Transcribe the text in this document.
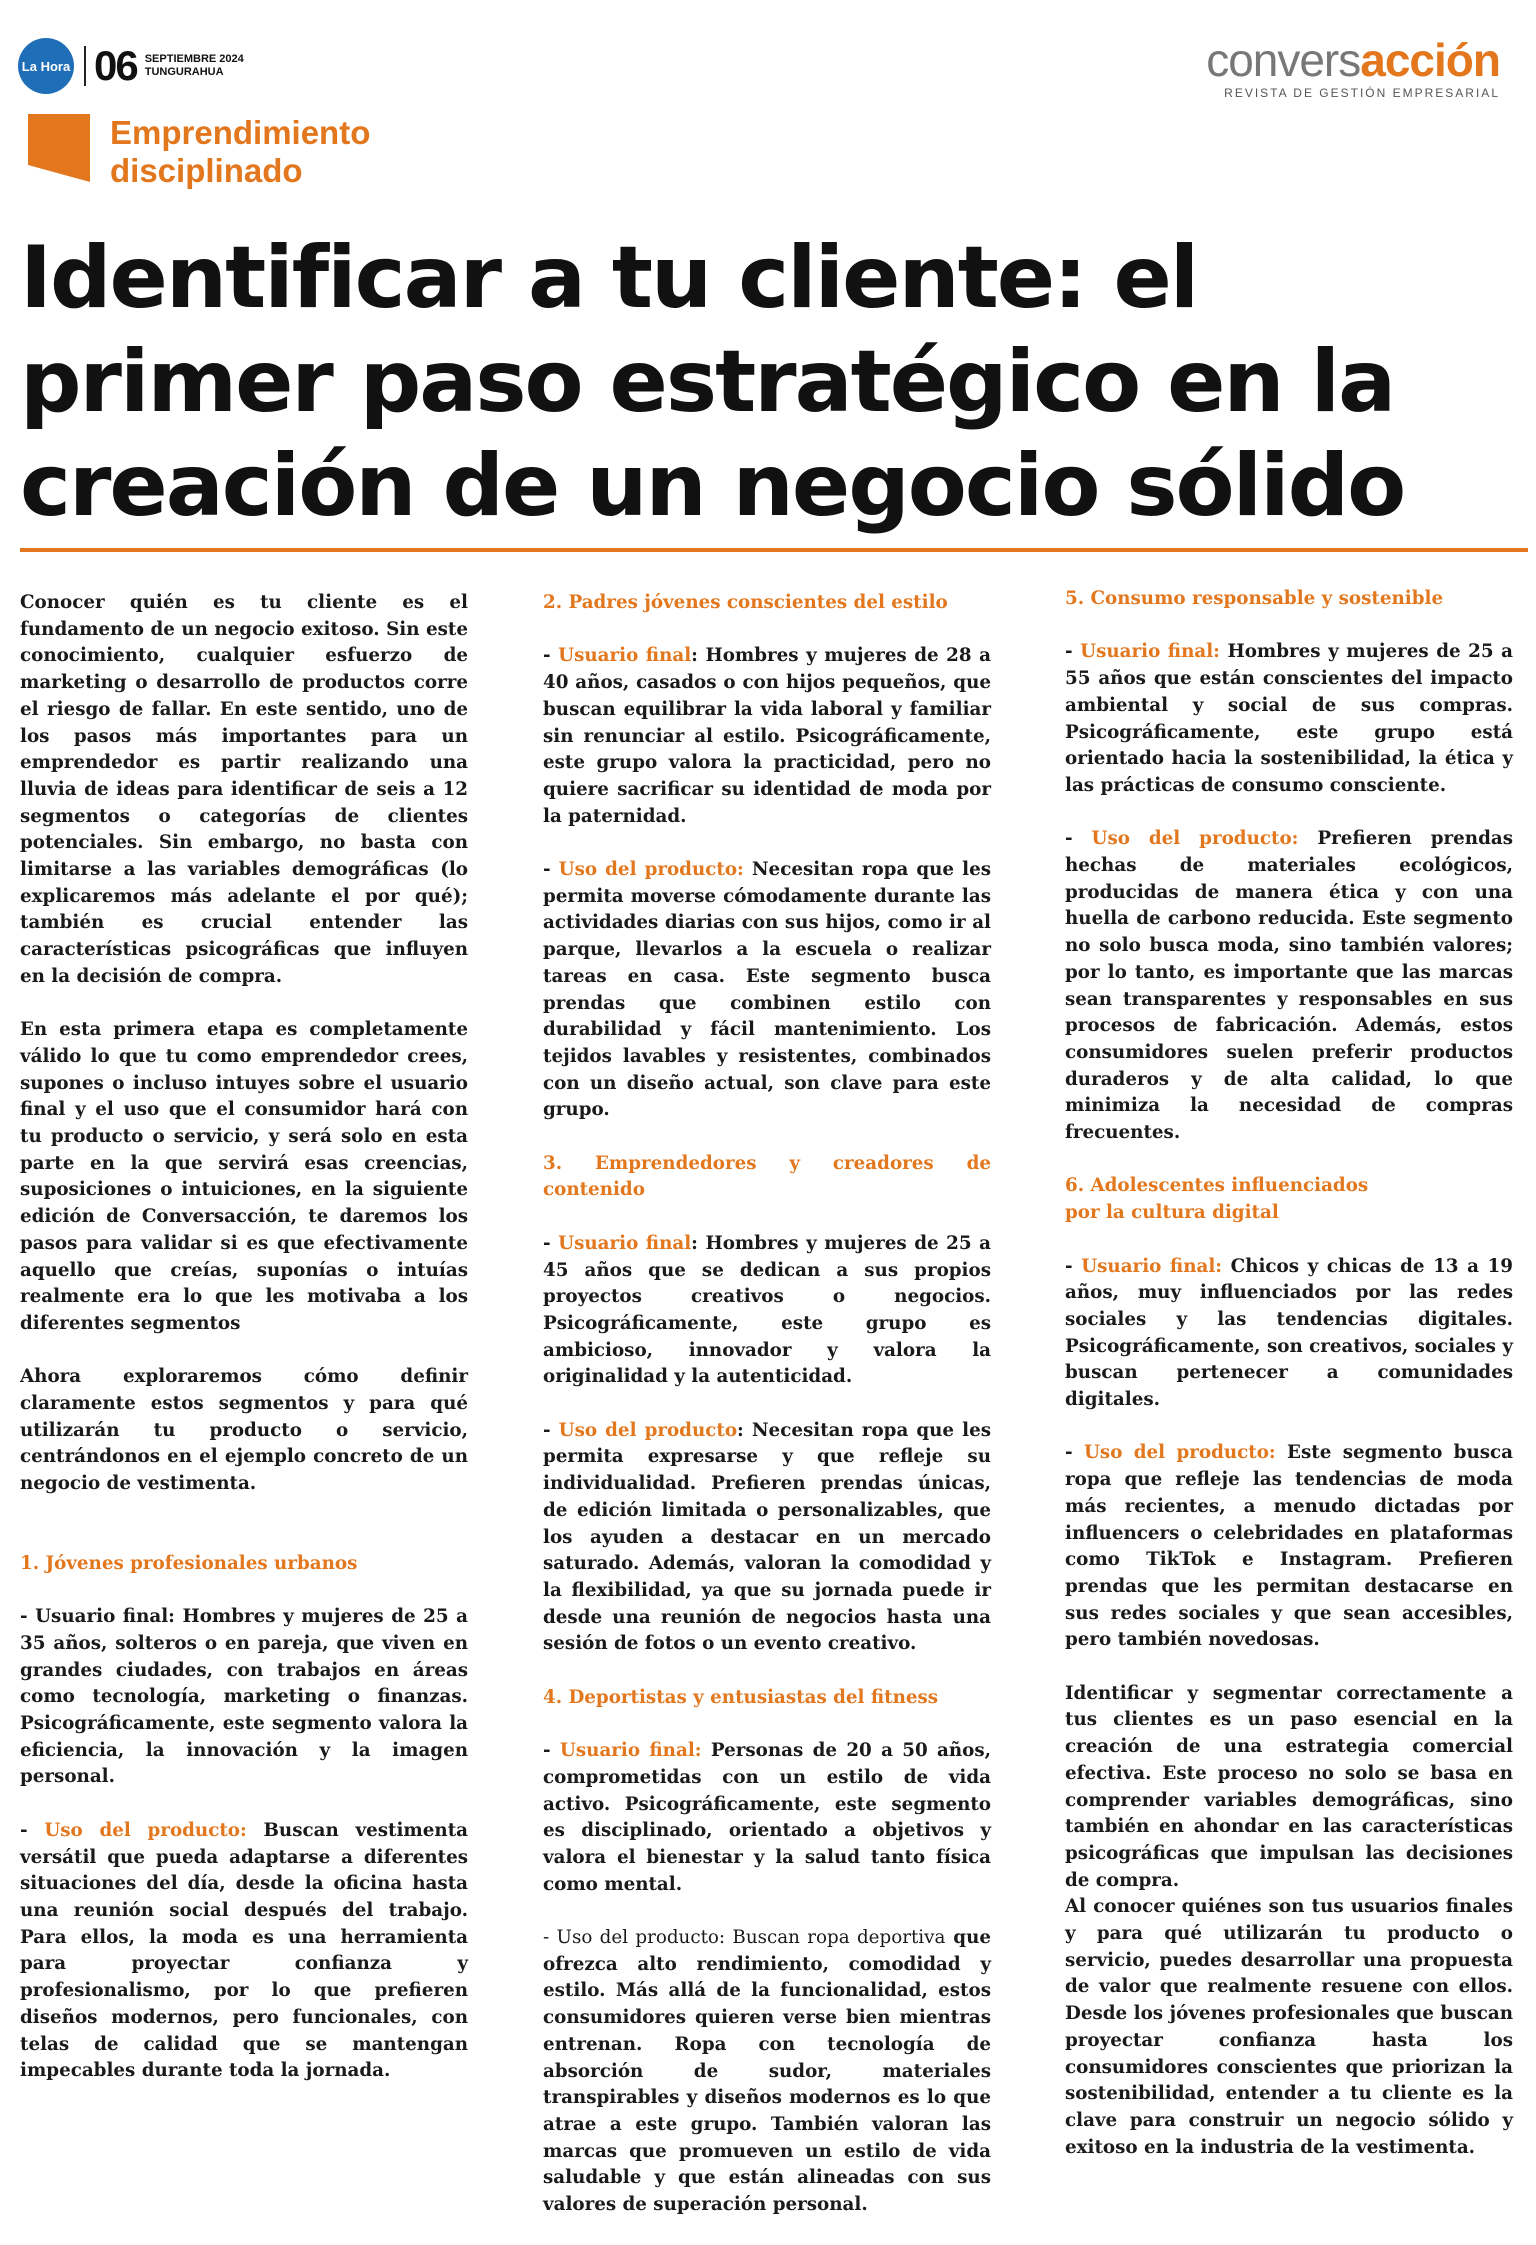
La Hora 06 SEPTIEMBRE 2024
TUNGURAHUA	conversacción
REVISTA DE GESTIÓN EMPRESARIAL
Emprendimiento
disciplinado
Identificar a tu cliente: el primer paso estratégico en la creación de un negocio sólido

Conocer quién es tu cliente es el fundamento de un negocio exitoso. Sin este conocimiento, cualquier esfuerzo de marketing o desarrollo de productos corre el riesgo de fallar. En este sentido, uno de los pasos más importantes para un emprendedor es partir realizando una lluvia de ideas para identificar de seis a 12 segmentos o categorías de clientes potenciales. Sin embargo, no basta con limitarse a las variables demográficas (lo explicaremos más adelante el por qué); también es crucial entender las características psicográficas que influyen en la decisión de compra.

En esta primera etapa es completamente válido lo que tu como emprendedor crees, supones o incluso intuyes sobre el usuario final y el uso que el consumidor hará con tu producto o servicio, y será solo en esta parte en la que servirá esas creencias, suposiciones o intuiciones, en la siguiente edición de Conversacción, te daremos los pasos para validar si es que efectivamente aquello que creías, suponías o intuías realmente era lo que les motivaba a los diferentes segmentos

Ahora exploraremos cómo definir claramente estos segmentos y para qué utilizarán tu producto o servicio, centrándonos en el ejemplo concreto de un negocio de vestimenta.

1. Jóvenes profesionales urbanos

- Usuario final: Hombres y mujeres de 25 a 35 años, solteros o en pareja, que viven en grandes ciudades, con trabajos en áreas como tecnología, marketing o finanzas. Psicográficamente, este segmento valora la eficiencia, la innovación y la imagen personal.

- Uso del producto: Buscan vestimenta versátil que pueda adaptarse a diferentes situaciones del día, desde la oficina hasta una reunión social después del trabajo. Para ellos, la moda es una herramienta para proyectar confianza y profesionalismo, por lo que prefieren diseños modernos, pero funcionales, con telas de calidad que se mantengan impecables durante toda la jornada.

2. Padres jóvenes conscientes del estilo

- Usuario final: Hombres y mujeres de 28 a 40 años, casados o con hijos pequeños, que buscan equilibrar la vida laboral y familiar sin renunciar al estilo. Psicográficamente, este grupo valora la practicidad, pero no quiere sacrificar su identidad de moda por la paternidad.

- Uso del producto: Necesitan ropa que les permita moverse cómodamente durante las actividades diarias con sus hijos, como ir al parque, llevarlos a la escuela o realizar tareas en casa. Este segmento busca prendas que combinen estilo con durabilidad y fácil mantenimiento. Los tejidos lavables y resistentes, combinados con un diseño actual, son clave para este grupo.

3. Emprendedores y creadores de contenido

- Usuario final: Hombres y mujeres de 25 a 45 años que se dedican a sus propios proyectos creativos o negocios. Psicográficamente, este grupo es ambicioso, innovador y valora la originalidad y la autenticidad.

- Uso del producto: Necesitan ropa que les permita expresarse y que refleje su individualidad. Prefieren prendas únicas, de edición limitada o personalizables, que los ayuden a destacar en un mercado saturado. Además, valoran la comodidad y la flexibilidad, ya que su jornada puede ir desde una reunión de negocios hasta una sesión de fotos o un evento creativo.

4. Deportistas y entusiastas del fitness

- Usuario final: Personas de 20 a 50 años, comprometidas con un estilo de vida activo. Psicográficamente, este segmento es disciplinado, orientado a objetivos y valora el bienestar y la salud tanto física como mental.

- Uso del producto: Buscan ropa deportiva que ofrezca alto rendimiento, comodidad y estilo. Más allá de la funcionalidad, estos consumidores quieren verse bien mientras entrenan. Ropa con tecnología de absorción de sudor, materiales transpirables y diseños modernos es lo que atrae a este grupo. También valoran las marcas que promueven un estilo de vida saludable y que están alineadas con sus valores de superación personal.

5. Consumo responsable y sostenible

- Usuario final: Hombres y mujeres de 25 a 55 años que están conscientes del impacto ambiental y social de sus compras. Psicográficamente, este grupo está orientado hacia la sostenibilidad, la ética y las prácticas de consumo consciente.

- Uso del producto: Prefieren prendas hechas de materiales ecológicos, producidas de manera ética y con una huella de carbono reducida. Este segmento no solo busca moda, sino también valores; por lo tanto, es importante que las marcas sean transparentes y responsables en sus procesos de fabricación. Además, estos consumidores suelen preferir productos duraderos y de alta calidad, lo que minimiza la necesidad de compras frecuentes.

6. Adolescentes influenciados
por la cultura digital

- Usuario final: Chicos y chicas de 13 a 19 años, muy influenciados por las redes sociales y las tendencias digitales. Psicográficamente, son creativos, sociales y buscan pertenecer a comunidades digitales.

- Uso del producto: Este segmento busca ropa que refleje las tendencias de moda más recientes, a menudo dictadas por influencers o celebridades en plataformas como TikTok e Instagram. Prefieren prendas que les permitan destacarse en sus redes sociales y que sean accesibles, pero también novedosas.

Identificar y segmentar correctamente a tus clientes es un paso esencial en la creación de una estrategia comercial efectiva. Este proceso no solo se basa en comprender variables demográficas, sino también en ahondar en las características psicográficas que impulsan las decisiones de compra.

Al conocer quiénes son tus usuarios finales y para qué utilizarán tu producto o servicio, puedes desarrollar una propuesta de valor que realmente resuene con ellos. Desde los jóvenes profesionales que buscan proyectar confianza hasta los consumidores conscientes que priorizan la sostenibilidad, entender a tu cliente es la clave para construir un negocio sólido y exitoso en la industria de la vestimenta.
